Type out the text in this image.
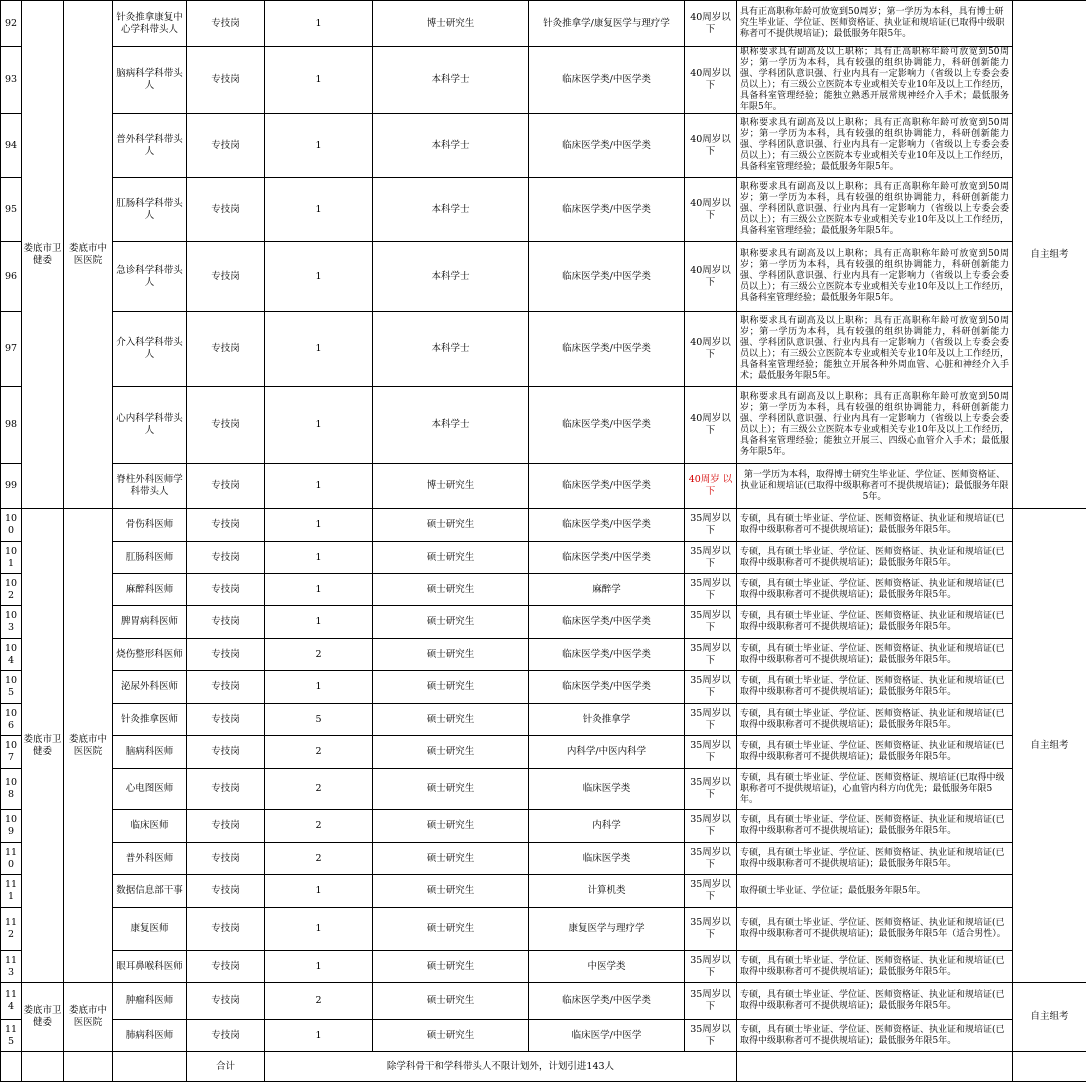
92	娄底市卫健委	娄底市中医医院	针灸推拿康复中心学科带头人	专技岗	1	博士研究生	针灸推拿学/康复医学与理疗学	40周岁以下	具有正高职称年龄可放宽到50周岁；第一学历为本科，具有博士研究生毕业证、学位证、医师资格证、执业证和规培证(已取得中级职称者可不提供规培证)；最低服务年限5年。	自主组考
93			脑病科学科带头人	专技岗	1	本科学士	临床医学类/中医学类	40周岁以下	职称要求具有副高及以上职称；具有正高职称年龄可放宽到50周岁；第一学历为本科，具有较强的组织协调能力，科研创新能力强、学科团队意识强、行业内具有一定影响力（省级以上专委会委员以上）；有三级公立医院本专业或相关专业10年及以上工作经历，具备科室管理经验；能独立熟悉开展常规神经介入手术；最低服务年限5年。	
94			普外科学科带头人	专技岗	1	本科学士	临床医学类/中医学类	40周岁以下	职称要求具有副高及以上职称；具有正高职称年龄可放宽到50周岁；第一学历为本科，具有较强的组织协调能力，科研创新能力强、学科团队意识强、行业内具有一定影响力（省级以上专委会委员以上）；有三级公立医院本专业或相关专业10年及以上工作经历，具备科室管理经验；最低服务年限5年。	
95			肛肠科学科带头人	专技岗	1	本科学士	临床医学类/中医学类	40周岁以下	职称要求具有副高及以上职称；具有正高职称年龄可放宽到50周岁；第一学历为本科，具有较强的组织协调能力，科研创新能力强、学科团队意识强、行业内具有一定影响力（省级以上专委会委员以上）；有三级公立医院本专业或相关专业10年及以上工作经历，具备科室管理经验；最低服务年限5年。	
96			急诊科学科带头人	专技岗	1	本科学士	临床医学类/中医学类	40周岁以下	职称要求具有副高及以上职称；具有正高职称年龄可放宽到50周岁；第一学历为本科，具有较强的组织协调能力，科研创新能力强、学科团队意识强、行业内具有一定影响力（省级以上专委会委员以上）；有三级公立医院本专业或相关专业10年及以上工作经历，具备科室管理经验；最低服务年限5年。	
97			介入科学科带头人	专技岗	1	本科学士	临床医学类/中医学类	40周岁以下	职称要求具有副高及以上职称；具有正高职称年龄可放宽到50周岁；第一学历为本科，具有较强的组织协调能力，科研创新能力强、学科团队意识强、行业内具有一定影响力（省级以上专委会委员以上）；有三级公立医院本专业或相关专业10年及以上工作经历，具备科室管理经验；能独立开展各种外周血管、心脏和神经介入手术；最低服务年限5年。	
98			心内科学科带头人	专技岗	1	本科学士	临床医学类/中医学类	40周岁以下	职称要求具有副高及以上职称；具有正高职称年龄可放宽到50周岁；第一学历为本科，具有较强的组织协调能力，科研创新能力强、学科团队意识强、行业内具有一定影响力（省级以上专委会委员以上）；有三级公立医院本专业或相关专业10年及以上工作经历，具备科室管理经验；能独立开展三、四级心血管介入手术；最低服务年限5年。	
99			脊柱外科医师学科带头人	专技岗	1	博士研究生	临床医学类/中医学类	40周岁 以下	第一学历为本科，取得博士研究生毕业证、学位证、医师资格证、执业证和规培证(已取得中级职称者可不提供规培证)；最低服务年限5年。	
100	娄底市卫健委	娄底市中医医院	骨伤科医师	专技岗	1	硕士研究生	临床医学类/中医学类	35周岁以下	专硕，具有硕士毕业证、学位证、医师资格证、执业证和规培证(已取得中级职称者可不提供规培证)；最低服务年限5年。	自主组考
101			肛肠科医师	专技岗	1	硕士研究生	临床医学类/中医学类	35周岁以下	专硕，具有硕士毕业证、学位证、医师资格证、执业证和规培证(已取得中级职称者可不提供规培证)；最低服务年限5年。	
102			麻醉科医师	专技岗	1	硕士研究生	麻醉学	35周岁以下	专硕，具有硕士毕业证、学位证、医师资格证、执业证和规培证(已取得中级职称者可不提供规培证)；最低服务年限5年。	
103			脾胃病科医师	专技岗	1	硕士研究生	临床医学类/中医学类	35周岁以下	专硕，具有硕士毕业证、学位证、医师资格证、执业证和规培证(已取得中级职称者可不提供规培证)；最低服务年限5年。	
104			烧伤整形科医师	专技岗	2	硕士研究生	临床医学类/中医学类	35周岁以下	专硕，具有硕士毕业证、学位证、医师资格证、执业证和规培证(已取得中级职称者可不提供规培证)；最低服务年限5年。	
105			泌尿外科医师	专技岗	1	硕士研究生	临床医学类/中医学类	35周岁以下	专硕，具有硕士毕业证、学位证、医师资格证、执业证和规培证(已取得中级职称者可不提供规培证)；最低服务年限5年。	
106			针灸推拿医师	专技岗	5	硕士研究生	针灸推拿学	35周岁以下	专硕，具有硕士毕业证、学位证、医师资格证、执业证和规培证(已取得中级职称者可不提供规培证)；最低服务年限5年。	
107			脑病科医师	专技岗	2	硕士研究生	内科学/中医内科学	35周岁以下	专硕，具有硕士毕业证、学位证、医师资格证、执业证和规培证(已取得中级职称者可不提供规培证)；最低服务年限5年。	
108			心电图医师	专技岗	2	硕士研究生	临床医学类	35周岁以下	专硕，具有硕士毕业证、学位证、医师资格证、规培证(已取得中级职称者可不提供规培证)，心血管内科方向优先；最低服务年限5年。	
109			临床医师	专技岗	2	硕士研究生	内科学	35周岁以下	专硕，具有硕士毕业证、学位证、医师资格证、执业证和规培证(已取得中级职称者可不提供规培证)；最低服务年限5年。	
110			普外科医师	专技岗	2	硕士研究生	临床医学类	35周岁以下	专硕，具有硕士毕业证、学位证、医师资格证、执业证和规培证(已取得中级职称者可不提供规培证)；最低服务年限5年。	
111			数据信息部干事	专技岗	1	硕士研究生	计算机类	35周岁以下	取得硕士毕业证、学位证；最低服务年限5年。	
112			康复医师	专技岗	1	硕士研究生	康复医学与理疗学	35周岁以下	专硕，具有硕士毕业证、学位证、医师资格证、执业证和规培证(已取得中级职称者可不提供规培证)；最低服务年限5年（适合男性）。	
113			眼耳鼻喉科医师	专技岗	1	硕士研究生	中医学类	35周岁以下	专硕，具有硕士毕业证、学位证、医师资格证、执业证和规培证(已取得中级职称者可不提供规培证)；最低服务年限5年。	
114	娄底市卫健委	娄底市中医医院	肿瘤科医师	专技岗	2	硕士研究生	临床医学类/中医学类	35周岁以下	专硕，具有硕士毕业证、学位证、医师资格证、执业证和规培证(已取得中级职称者可不提供规培证)；最低服务年限5年。	自主组考
115			肺病科医师	专技岗	1	硕士研究生	临床医学/中医学	35周岁以下	专硕，具有硕士毕业证、学位证、医师资格证、执业证和规培证(已取得中级职称者可不提供规培证)；最低服务年限5年。	
				合计	除学科骨干和学科带头人不限计划外，计划引进143人					
